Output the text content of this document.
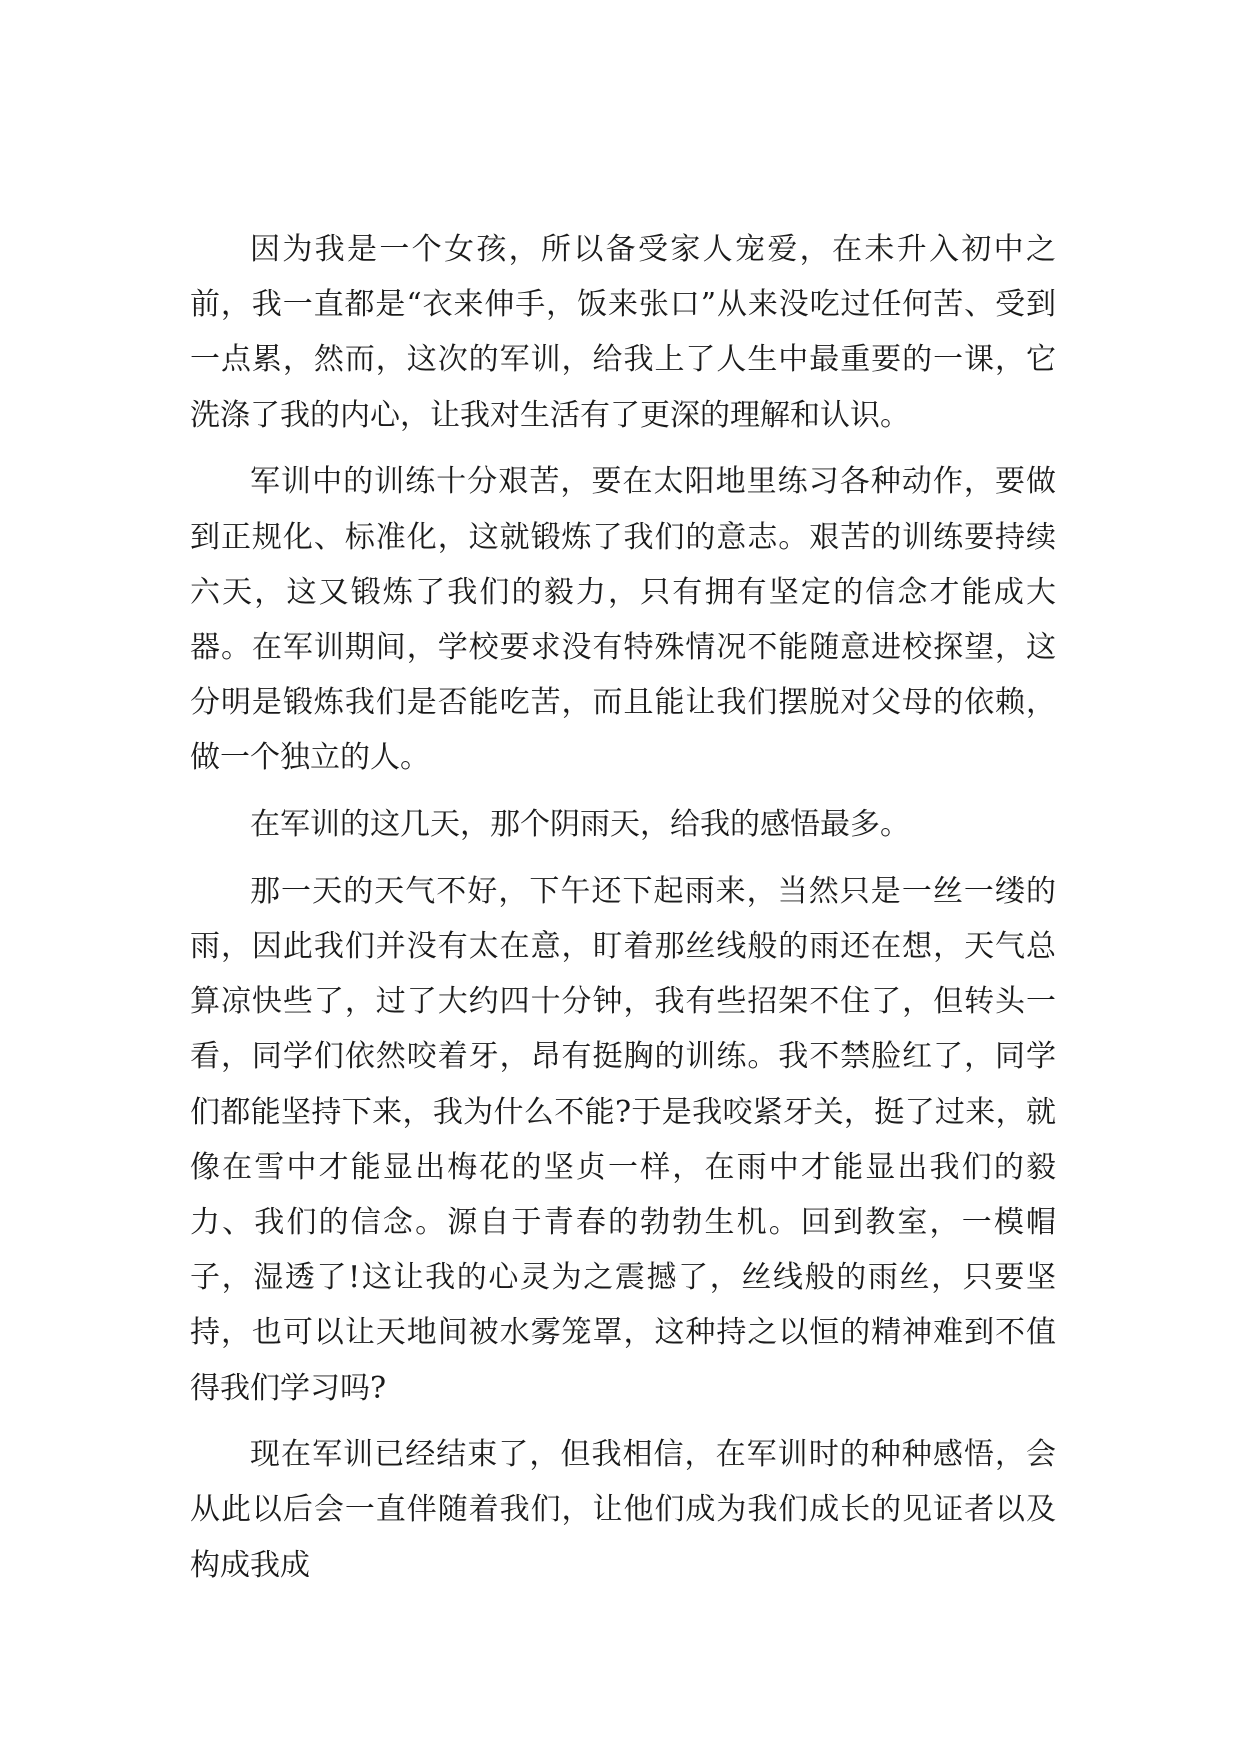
因为我是一个女孩，所以备受家人宠爱，在未升入初中之前，我一直都是“衣来伸手，饭来张口”从来没吃过任何苦、受到一点累，然而，这次的军训，给我上了人生中最重要的一课，它洗涤了我的内心，让我对生活有了更深的理解和认识。

军训中的训练十分艰苦，要在太阳地里练习各种动作，要做到正规化、标准化，这就锻炼了我们的意志。艰苦的训练要持续六天，这又锻炼了我们的毅力，只有拥有坚定的信念才能成大器。在军训期间，学校要求没有特殊情况不能随意进校探望，这分明是锻炼我们是否能吃苦，而且能让我们摆脱对父母的依赖，做一个独立的人。

在军训的这几天，那个阴雨天，给我的感悟最多。

那一天的天气不好，下午还下起雨来，当然只是一丝一缕的雨，因此我们并没有太在意，盯着那丝线般的雨还在想，天气总算凉快些了，过了大约四十分钟，我有些招架不住了，但转头一看，同学们依然咬着牙，昂有挺胸的训练。我不禁脸红了，同学们都能坚持下来，我为什么不能?于是我咬紧牙关，挺了过来，就像在雪中才能显出梅花的坚贞一样，在雨中才能显出我们的毅力、我们的信念。源自于青春的勃勃生机。回到教室，一模帽子，湿透了!这让我的心灵为之震撼了，丝线般的雨丝，只要坚持，也可以让天地间被水雾笼罩，这种持之以恒的精神难到不值得我们学习吗?

现在军训已经结束了，但我相信，在军训时的种种感悟，会从此以后会一直伴随着我们，让他们成为我们成长的见证者以及构成我成
